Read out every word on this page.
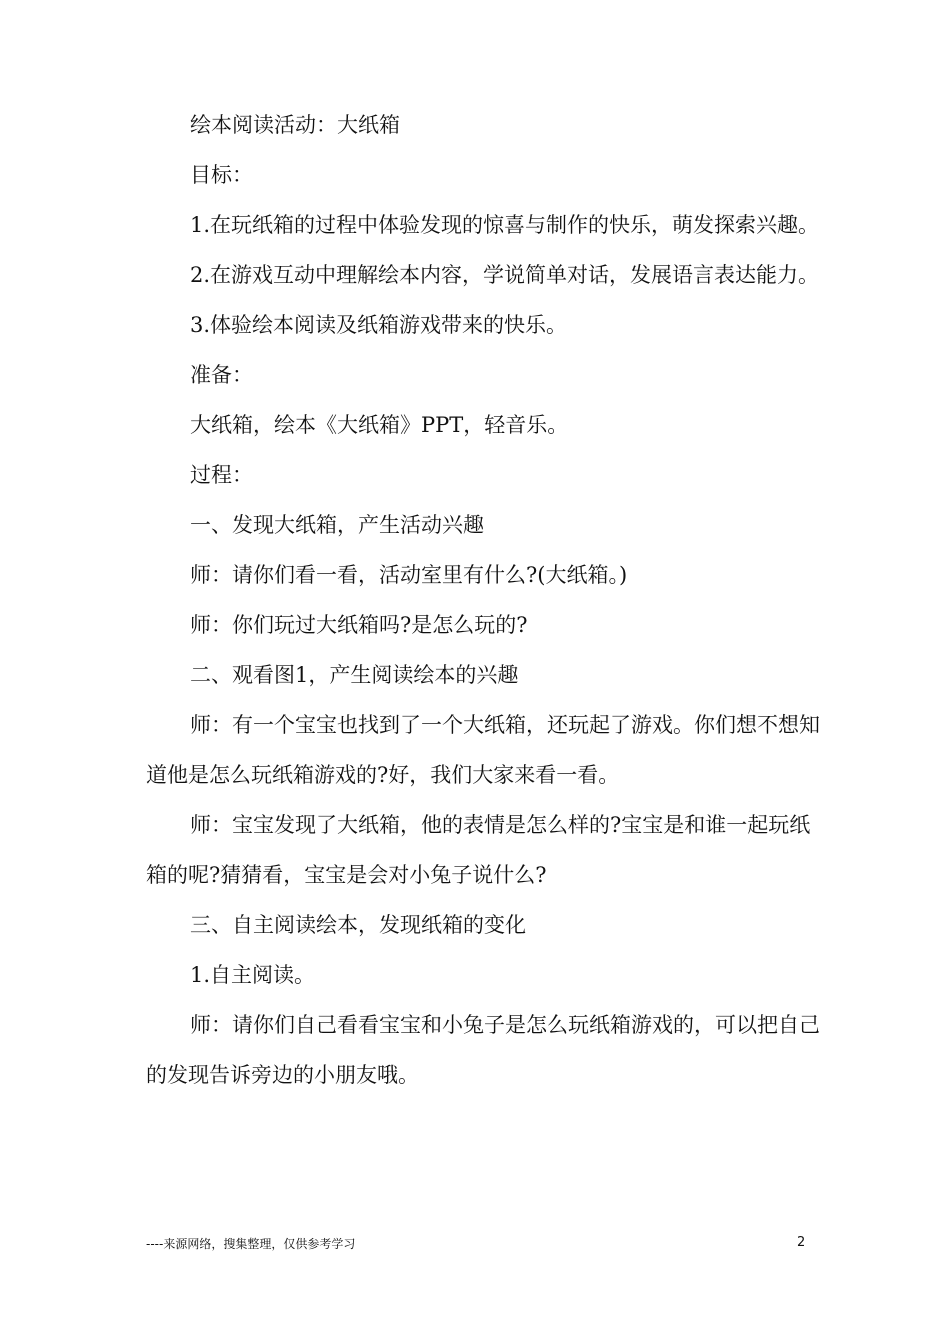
绘本阅读活动：大纸箱

目标：

1.在玩纸箱的过程中体验发现的惊喜与制作的快乐，萌发探索兴趣。

2.在游戏互动中理解绘本内容，学说简单对话，发展语言表达能力。

3.体验绘本阅读及纸箱游戏带来的快乐。

准备：

大纸箱，绘本《大纸箱》PPT，轻音乐。

过程：

一、发现大纸箱，产生活动兴趣

师：请你们看一看，活动室里有什么?(大纸箱。)

师：你们玩过大纸箱吗?是怎么玩的?

二、观看图1，产生阅读绘本的兴趣

师：有一个宝宝也找到了一个大纸箱，还玩起了游戏。你们想不想知道他是怎么玩纸箱游戏的?好，我们大家来看一看。

师：宝宝发现了大纸箱，他的表情是怎么样的?宝宝是和谁一起玩纸箱的呢?猜猜看，宝宝是会对小兔子说什么?

三、自主阅读绘本，发现纸箱的变化

1.自主阅读。

师：请你们自己看看宝宝和小兔子是怎么玩纸箱游戏的，可以把自己的发现告诉旁边的小朋友哦。

----来源网络，搜集整理，仅供参考学习	2
